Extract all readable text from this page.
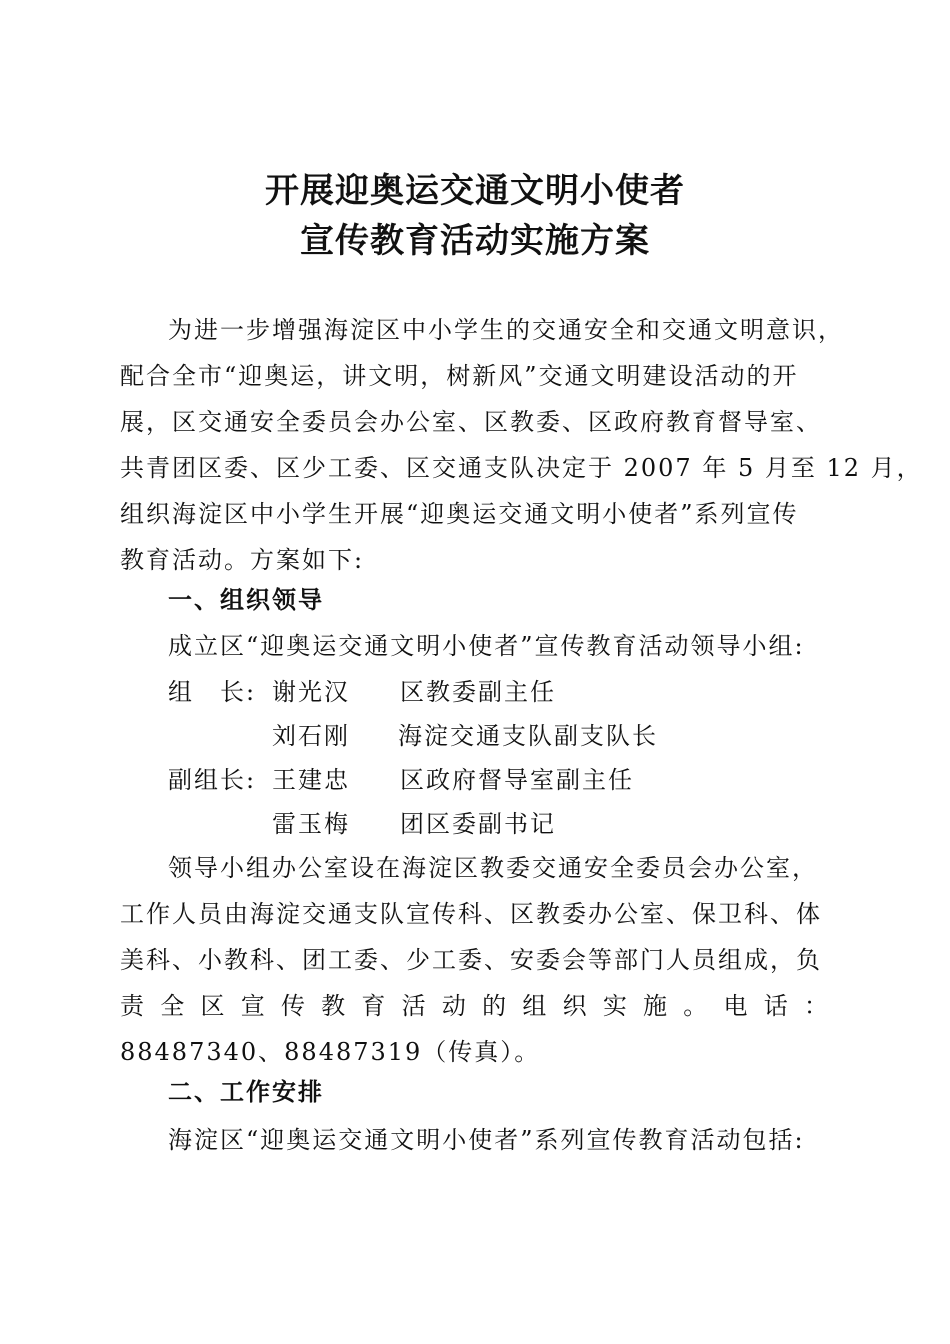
开展迎奥运交通文明小使者
宣传教育活动实施方案
为进一步增强海淀区中小学生的交通安全和交通文明意识，
配合全市“迎奥运，讲文明，树新风”交通文明建设活动的开
展，区交通安全委员会办公室、区教委、区政府教育督导室、
共青团区委、区少工委、区交通支队决定于 2007 年 5 月至 12 月，
组织海淀区中小学生开展“迎奥运交通文明小使者”系列宣传
教育活动。方案如下:
一、组织领导
成立区“迎奥运交通文明小使者”宣传教育活动领导小组:
组　长: 谢光汉 区教委副主任
刘石刚 海淀交通支队副支队长
副组长: 王建忠 区政府督导室副主任
雷玉梅 团区委副书记
领导小组办公室设在海淀区教委交通安全委员会办公室，
工作人员由海淀交通支队宣传科、区教委办公室、保卫科、体
美科、小教科、团工委、少工委、安委会等部门人员组成，负
责全区宣传教育活动的组织实施。电话：
88487340、88487319（传真）。
二、工作安排
海淀区“迎奥运交通文明小使者”系列宣传教育活动包括:
